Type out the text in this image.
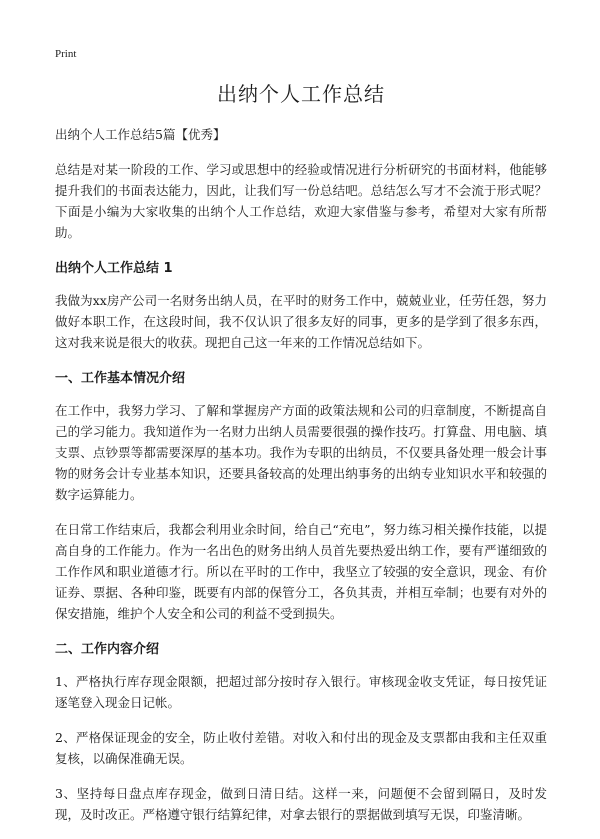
Print
出纳个人工作总结
出纳个人工作总结5篇【优秀】

总结是对某一阶段的工作、学习或思想中的经验或情况进行分析研究的书面材料，他能够提升我们的书面表达能力，因此，让我们写一份总结吧。总结怎么写才不会流于形式呢？下面是小编为大家收集的出纳个人工作总结，欢迎大家借鉴与参考，希望对大家有所帮助。

出纳个人工作总结 1

我做为xx房产公司一名财务出纳人员，在平时的财务工作中，兢兢业业，任劳任怨，努力做好本职工作，在这段时间，我不仅认识了很多友好的同事，更多的是学到了很多东西，这对我来说是很大的收获。现把自己这一年来的工作情况总结如下。

一、工作基本情况介绍

在工作中，我努力学习、了解和掌握房产方面的政策法规和公司的归章制度，不断提高自己的学习能力。我知道作为一名财力出纳人员需要很强的操作技巧。打算盘、用电脑、填支票、点钞票等都需要深厚的基本功。我作为专职的出纳员，不仅要具备处理一般会计事物的财务会计专业基本知识，还要具备较高的处理出纳事务的出纳专业知识水平和较强的数字运算能力。

在日常工作结束后，我都会利用业余时间，给自己“充电”，努力练习相关操作技能，以提高自身的工作能力。作为一名出色的财务出纳人员首先要热爱出纳工作，要有严谨细致的工作作风和职业道德才行。所以在平时的工作中，我坚立了较强的安全意识，现金、有价证券、票据、各种印鉴，既要有内部的保管分工，各负其责，并相互牵制；也要有对外的保安措施，维护个人安全和公司的利益不受到损失。

二、工作内容介绍

1、严格执行库存现金限额，把超过部分按时存入银行。审核现金收支凭证，每日按凭证逐笔登入现金日记帐。

2、严格保证现金的安全，防止收付差错。对收入和付出的现金及支票都由我和主任双重复核，以确保准确无误。

3、坚持每日盘点库存现金，做到日清日结。这样一来，问题便不会留到隔日，及时发现，及时改正。严格遵守银行结算纪律，对拿去银行的票据做到填写无误，印鉴清晰。
